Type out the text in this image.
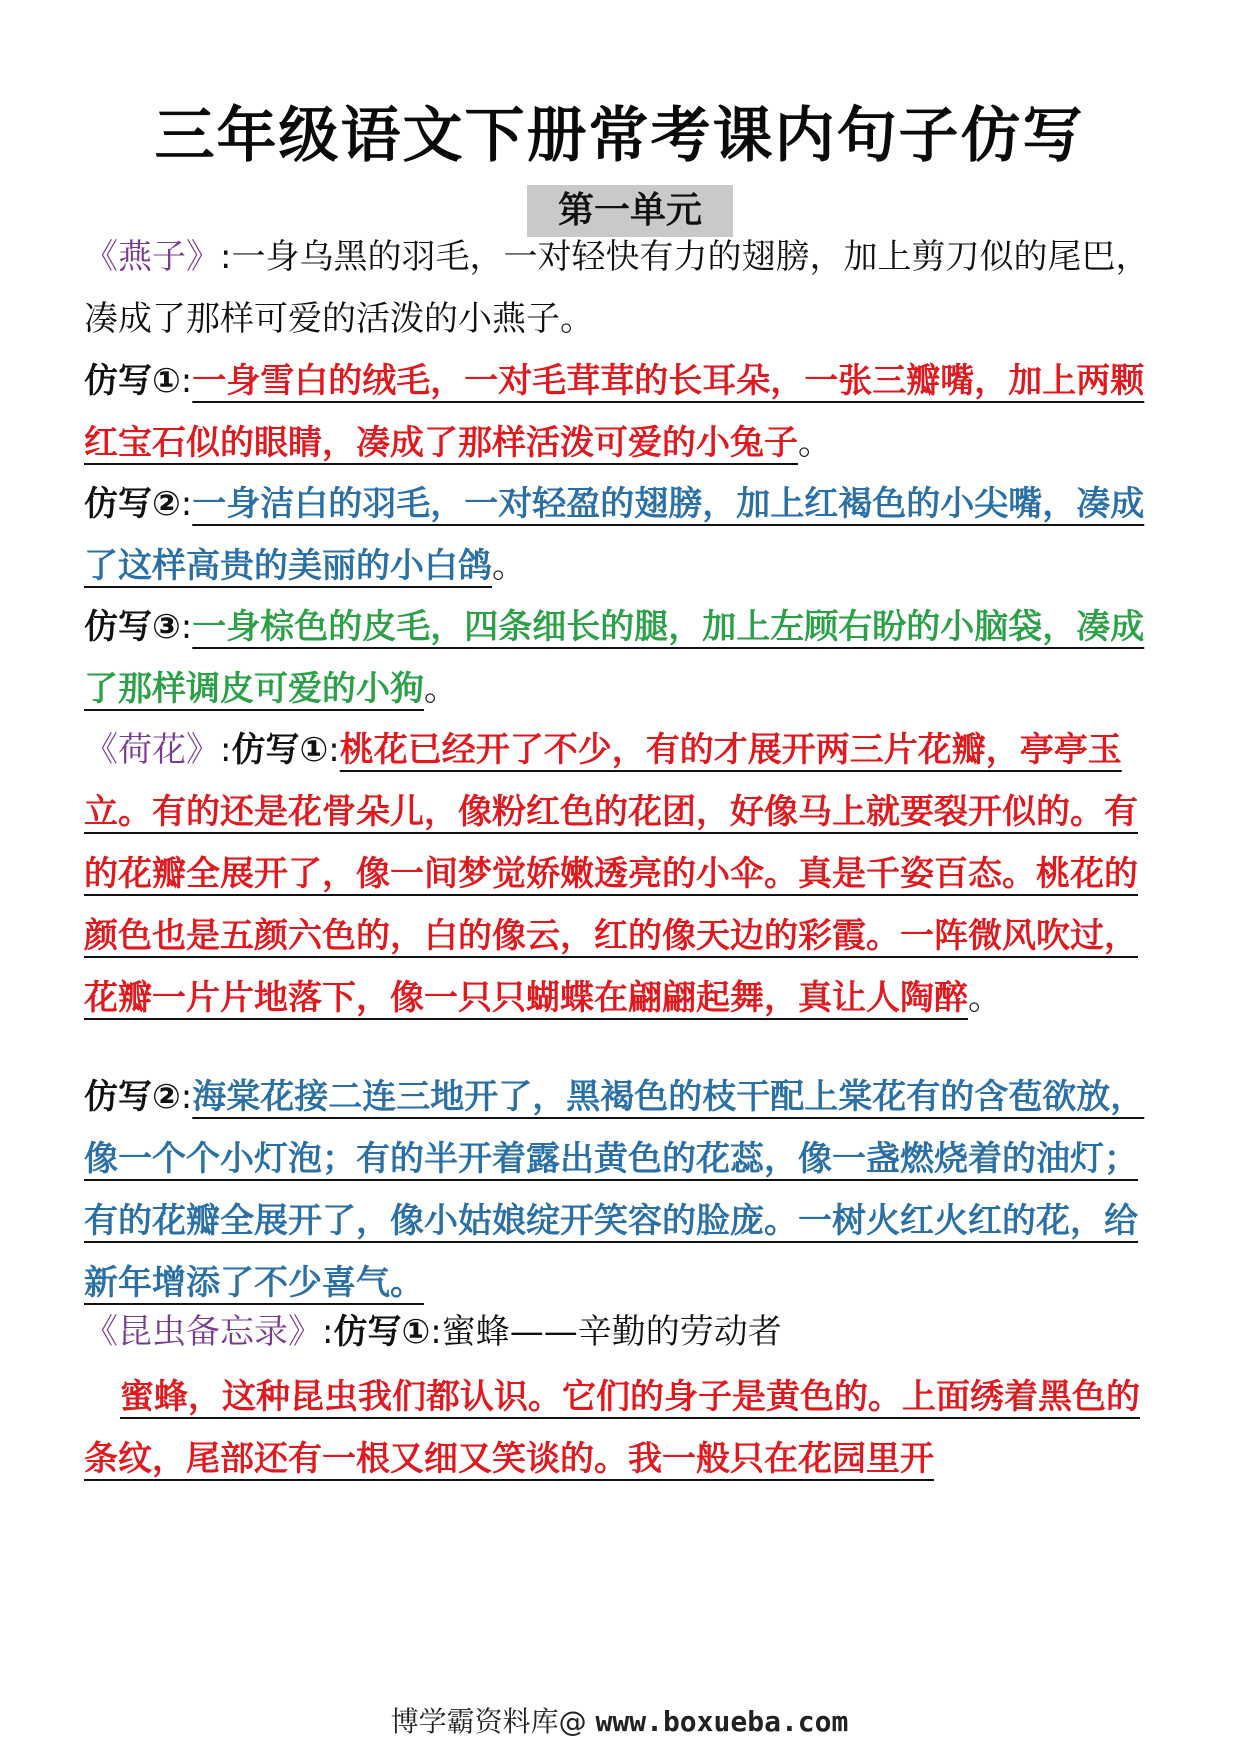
三年级语文下册常考课内句子仿写
第一单元
《燕子》:一身乌黑的羽毛，一对轻快有力的翅膀，加上剪刀似的尾巴，凑成了那样可爱的活泼的小燕子。
仿写①:一身雪白的绒毛，一对毛茸茸的长耳朵，一张三瓣嘴，加上两颗红宝石似的眼睛，凑成了那样活泼可爱的小兔子。
仿写②:一身洁白的羽毛，一对轻盈的翅膀，加上红褐色的小尖嘴，凑成了这样高贵的美丽的小白鸽。
仿写③:一身棕色的皮毛，四条细长的腿，加上左顾右盼的小脑袋，凑成了那样调皮可爱的小狗。
《荷花》:仿写①:桃花已经开了不少，有的才展开两三片花瓣，亭亭玉立。有的还是花骨朵儿，像粉红色的花团，好像马上就要裂开似的。有的花瓣全展开了，像一间梦觉娇嫩透亮的小伞。真是千姿百态。桃花的颜色也是五颜六色的，白的像云，红的像天边的彩霞。一阵微风吹过，花瓣一片片地落下，像一只只蝴蝶在翩翩起舞，真让人陶醉。
仿写②:海棠花接二连三地开了，黑褐色的枝干配上棠花有的含苞欲放，像一个个小灯泡；有的半开着露出黄色的花蕊，像一盏燃烧着的油灯；有的花瓣全展开了，像小姑娘绽开笑容的脸庞。一树火红火红的花，给新年增添了不少喜气。
《昆虫备忘录》:仿写①:蜜蜂——辛勤的劳动者
蜜蜂，这种昆虫我们都认识。它们的身子是黄色的。上面绣着黑色的条纹，尾部还有一根又细又笑谈的。我一般只在花园里开
博学霸资料库@ www.boxueba.com
